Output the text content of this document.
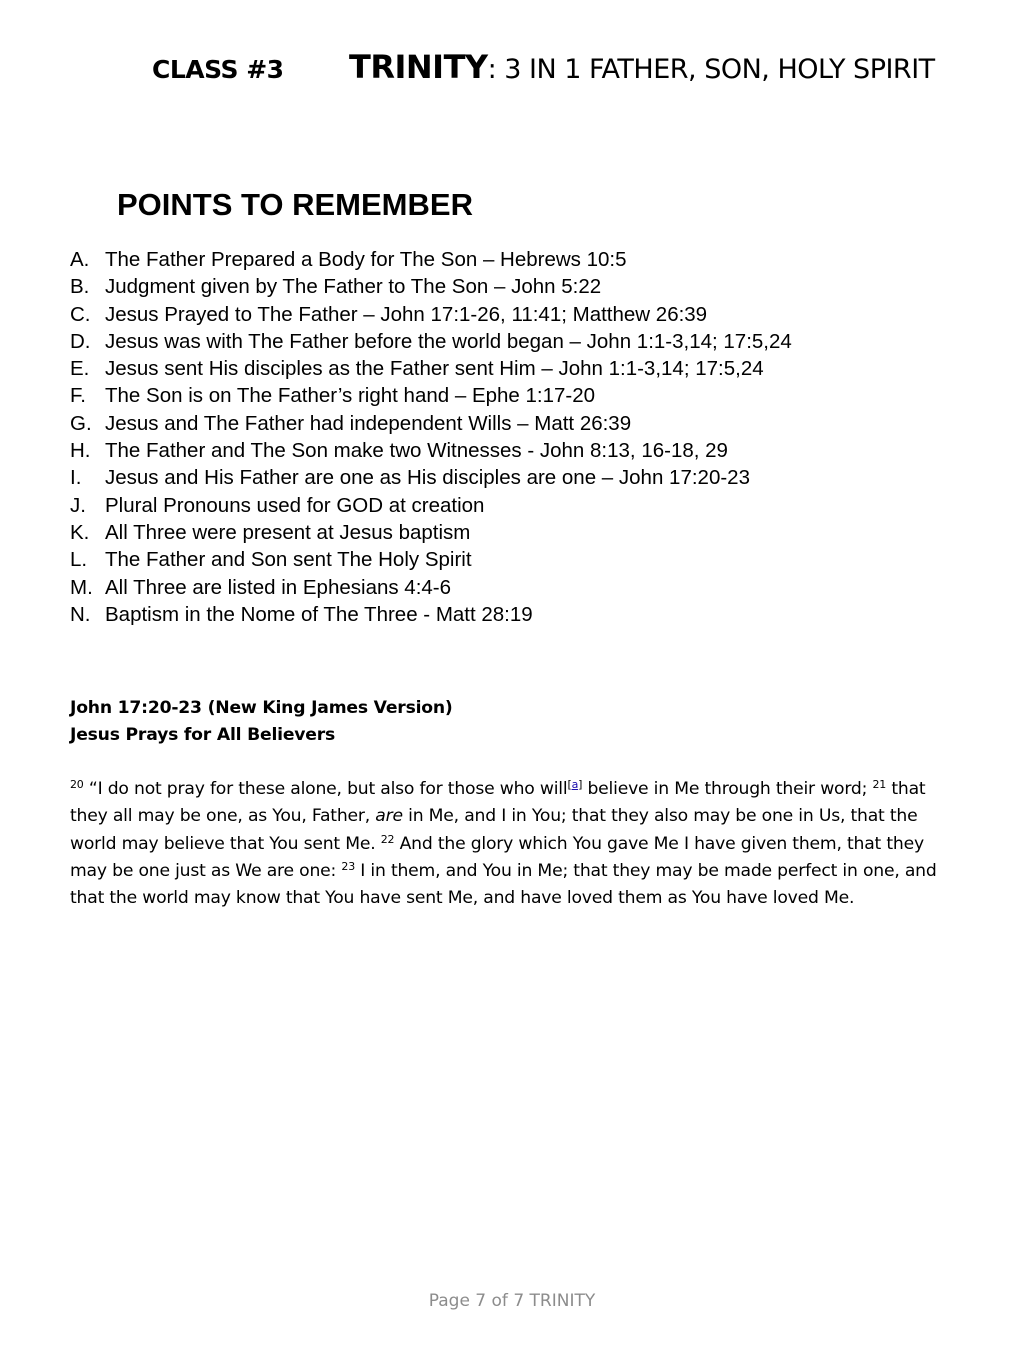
CLASS #3 TRINITY: 3 IN 1 FATHER, SON, HOLY SPIRIT
POINTS TO REMEMBER
A. The Father Prepared a Body for The Son – Hebrews 10:5
B. Judgment given by The Father to The Son – John 5:22
C. Jesus Prayed to The Father – John 17:1-26, 11:41; Matthew 26:39
D. Jesus was with The Father before the world began – John 1:1-3,14; 17:5,24
E. Jesus sent His disciples as the Father sent Him – John 1:1-3,14; 17:5,24
F. The Son is on The Father’s right hand – Ephe 1:17-20
G. Jesus and The Father had independent Wills – Matt 26:39
H. The Father and The Son make two Witnesses - John 8:13, 16-18, 29
I. Jesus and His Father are one as His disciples are one – John 17:20-23
J. Plural Pronouns used for GOD at creation
K. All Three were present at Jesus baptism
L. The Father and Son sent The Holy Spirit
M. All Three are listed in Ephesians 4:4-6
N. Baptism in the Nome of The Three - Matt 28:19
John 17:20-23 (New King James Version)
Jesus Prays for All Believers
$^{20}$ “I do not pray for these alone, but also for those who will[a] believe in Me through their word; $^{21}$ that they all may be one, as You, Father, are in Me, and I in You; that they also may be one in Us, that the world may believe that You sent Me. $^{22}$ And the glory which You gave Me I have given them, that they may be one just as We are one: $^{23}$ I in them, and You in Me; that they may be made perfect in one, and that the world may know that You have sent Me, and have loved them as You have loved Me.
Page 7 of 7 TRINITY
